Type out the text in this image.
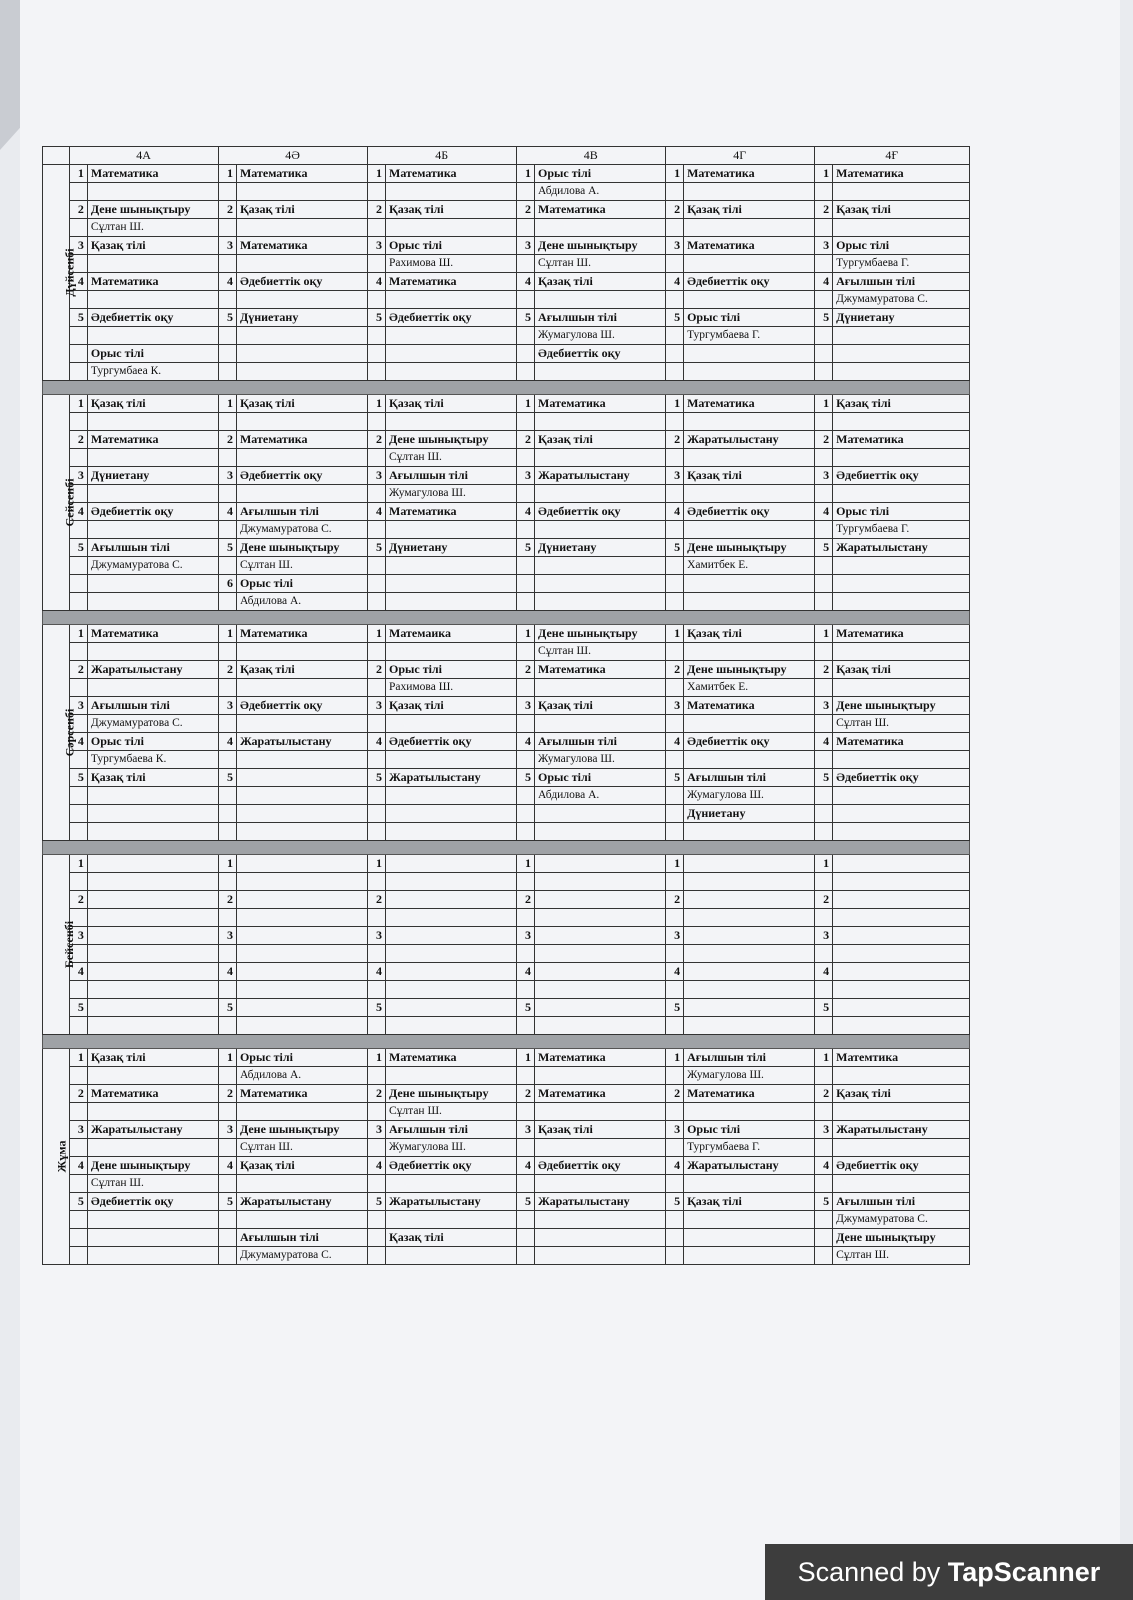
	4А		4Ә		4Б		4В		4Г		4Ғ	
Дүйсенбі	1	Математика	1	Математика	1	Математика	1	Орыс тілі	1	Математика	1	Математика
								Абдилова А.				
	2	Дене шынықтыру	2	Қазақ тілі	2	Қазақ тілі	2	Математика	2	Қазақ тілі	2	Қазақ тілі
		Сұлтан Ш.										
	3	Қазақ тілі	3	Математика	3	Орыс тілі	3	Дене шынықтыру	3	Математика	3	Орыс тілі
						Рахимова Ш.		Сұлтан Ш.				Тургумбаева Г.
	4	Математика	4	Әдебиеттік оқу	4	Математика	4	Қазақ тілі	4	Әдебиеттік оқу	4	Ағылшын тілі
												Джумамуратова С.
	5	Әдебиеттік оқу	5	Дүниетану	5	Әдебиеттік оқу	5	Ағылшын тілі	5	Орыс тілі	5	Дүниетану
								Жумагулова Ш.		Тургумбаева Г.		
		Орыс тілі						Әдебиеттік оқу				
		Тургумбаеа К.										

Сейсенбі	1	Қазақ тілі	1	Қазақ тілі	1	Қазақ тілі	1	Математика	1	Математика	1	Қазақ тілі

	2	Математика	2	Математика	2	Дене шынықтыру	2	Қазақ тілі	2	Жаратылыстану	2	Математика
						Сұлтан Ш.						
	3	Дүниетану	3	Әдебиеттік оқу	3	Ағылшын тілі	3	Жаратылыстану	3	Қазақ тілі	3	Әдебиеттік оқу
						Жумагулова Ш.						
	4	Әдебиеттік оқу	4	Ағылшын тілі	4	Математика	4	Әдебиеттік оқу	4	Әдебиеттік оқу	4	Орыс тілі
				Джумамуратова С.								Тургумбаева Г.
	5	Ағылшын тілі	5	Дене шынықтыру	5	Дүниетану	5	Дүниетану	5	Дене шынықтыру	5	Жаратылыстану
		Джумамуратова С.		Сұлтан Ш.						Хамитбек Е.		
			6	Орыс тілі								
				Абдилова А.								

Сәрсенбі	1	Математика	1	Математика	1	Матемаика	1	Дене шынықтыру	1	Қазақ тілі	1	Математика
								Сұлтан Ш.				
	2	Жаратылыстану	2	Қазақ тілі	2	Орыс тілі	2	Математика	2	Дене шынықтыру	2	Қазақ тілі
						Рахимова Ш.				Хамитбек Е.		
	3	Ағылшын тілі	3	Әдебиеттік оқу	3	Қазақ тілі	3	Қазақ тілі	3	Математика	3	Дене шынықтыру
		Джумамуратова С.										Сұлтан Ш.
	4	Орыс тілі	4	Жаратылыстану	4	Әдебиеттік оқу	4	Ағылшын тілі	4	Әдебиеттік оқу	4	Математика
		Тургумбаева К.						Жумагулова Ш.				
	5	Қазақ тілі	5		5	Жаратылыстану	5	Орыс тілі	5	Ағылшын тілі	5	Әдебиеттік оқу
								Абдилова А.		Жумагулова Ш.		
										Дүниетану		

Бейсенбі	1		1		1		1		1		1	

	2		2		2		2		2		2	

	3		3		3		3		3		3	

	4		4		4		4		4		4	

	5		5		5		5		5		5	

Жұма	1	Қазақ тілі	1	Орыс тілі	1	Математика	1	Математика	1	Ағылшын тілі	1	Матемтика
				Абдилова А.						Жумагулова Ш.		
	2	Математика	2	Математика	2	Дене шынықтыру	2	Математика	2	Математика	2	Қазақ тілі
						Сұлтан Ш.						
	3	Жаратылыстану	3	Дене шынықтыру	3	Ағылшын тілі	3	Қазақ тілі	3	Орыс тілі	3	Жаратылыстану
				Сұлтан Ш.		Жумагулова Ш.				Тургумбаева Г.		
	4	Дене шынықтыру	4	Қазақ тілі	4	Әдебиеттік оқу	4	Әдебиеттік оқу	4	Жаратылыстану	4	Әдебиеттік оқу
		Сұлтан Ш.										
	5	Әдебиеттік оқу	5	Жаратылыстану	5	Жаратылыстану	5	Жаратылыстану	5	Қазақ тілі	5	Ағылшын тілі
												Джумамуратова С.
				Ағылшын тілі		Қазақ тілі						Дене шынықтыру
				Джумамуратова С.								Сұлтан Ш.
Scanned by TapScanner
